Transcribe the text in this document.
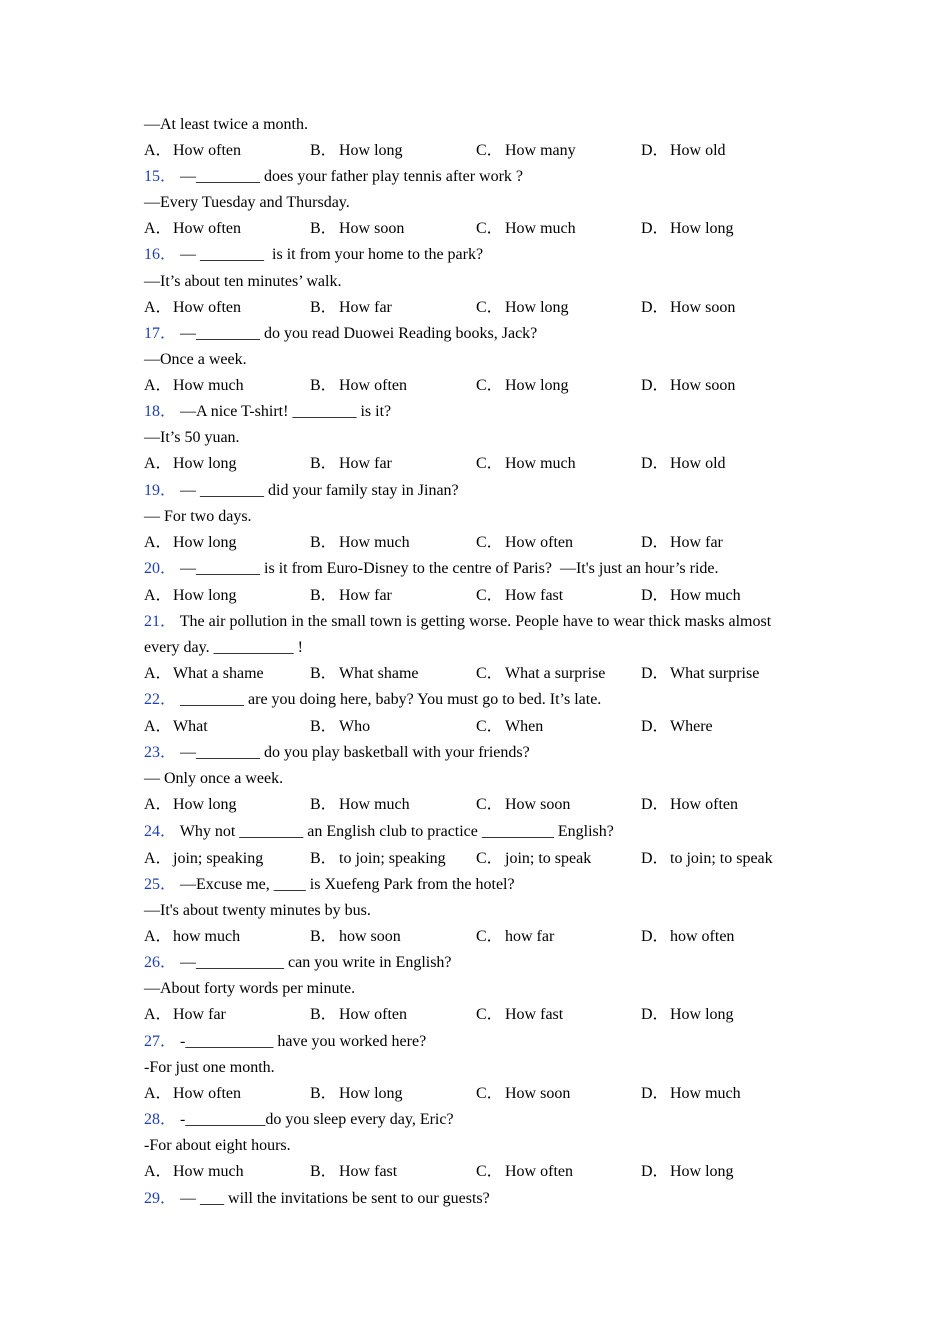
—At least twice a month.
A．How often	B． How long	C． How many	D．How old
15． —________ does your father play tennis after work ?
—Every Tuesday and Thursday.
A．How often	B． How soon	C． How much	D．How long
16． — ________  is it from your home to the park?
—It’s about ten minutes’ walk.
A．How often	B． How far	C． How long	D．How soon
17． —________ do you read Duowei Reading books, Jack?
—Once a week.
A．How much	B． How often	C． How long	D．How soon
18． —A nice T-shirt! ________ is it?
—It’s 50 yuan.
A．How long	B． How far	C． How much	D．How old
19． — ________ did your family stay in Jinan?
— For two days.
A．How long	B． How much	C． How often	D．How far
20． —________ is it from Euro-Disney to the centre of Paris?  —It's just an hour’s ride.
A．How long	B． How far	C． How fast	D．How much
21． The air pollution in the small town is getting worse. People have to wear thick masks almost
every day. __________ !
A．What a shame	B． What shame	C． What a surprise D．What surprise
22． ________ are you doing here, baby? You must go to bed. It’s late.
A．What	B． Who	C． When	D．Where
23． —________ do you play basketball with your friends?
— Only once a week.
A．How long	B． How much	C． How soon	D．How often
24． Why not ________ an English club to practice _________ English?
A．join; speaking	B． to join; speaking C． join; to speak	D．to join; to speak
25． —Excuse me, ____ is Xuefeng Park from the hotel?
—It's about twenty minutes by bus.
A．how much	B． how soon	C． how far	D．how often
26． —___________ can you write in English?
—About forty words per minute.
A．How far	B． How often	C． How fast	D．How long
27． -___________ have you worked here?
-For just one month.
A．How often	B． How long	C． How soon	D．How much
28． -__________do you sleep every day, Eric?
-For about eight hours.
A．How much	B． How fast	C． How often	D．How long
29． — ___ will the invitations be sent to our guests?
